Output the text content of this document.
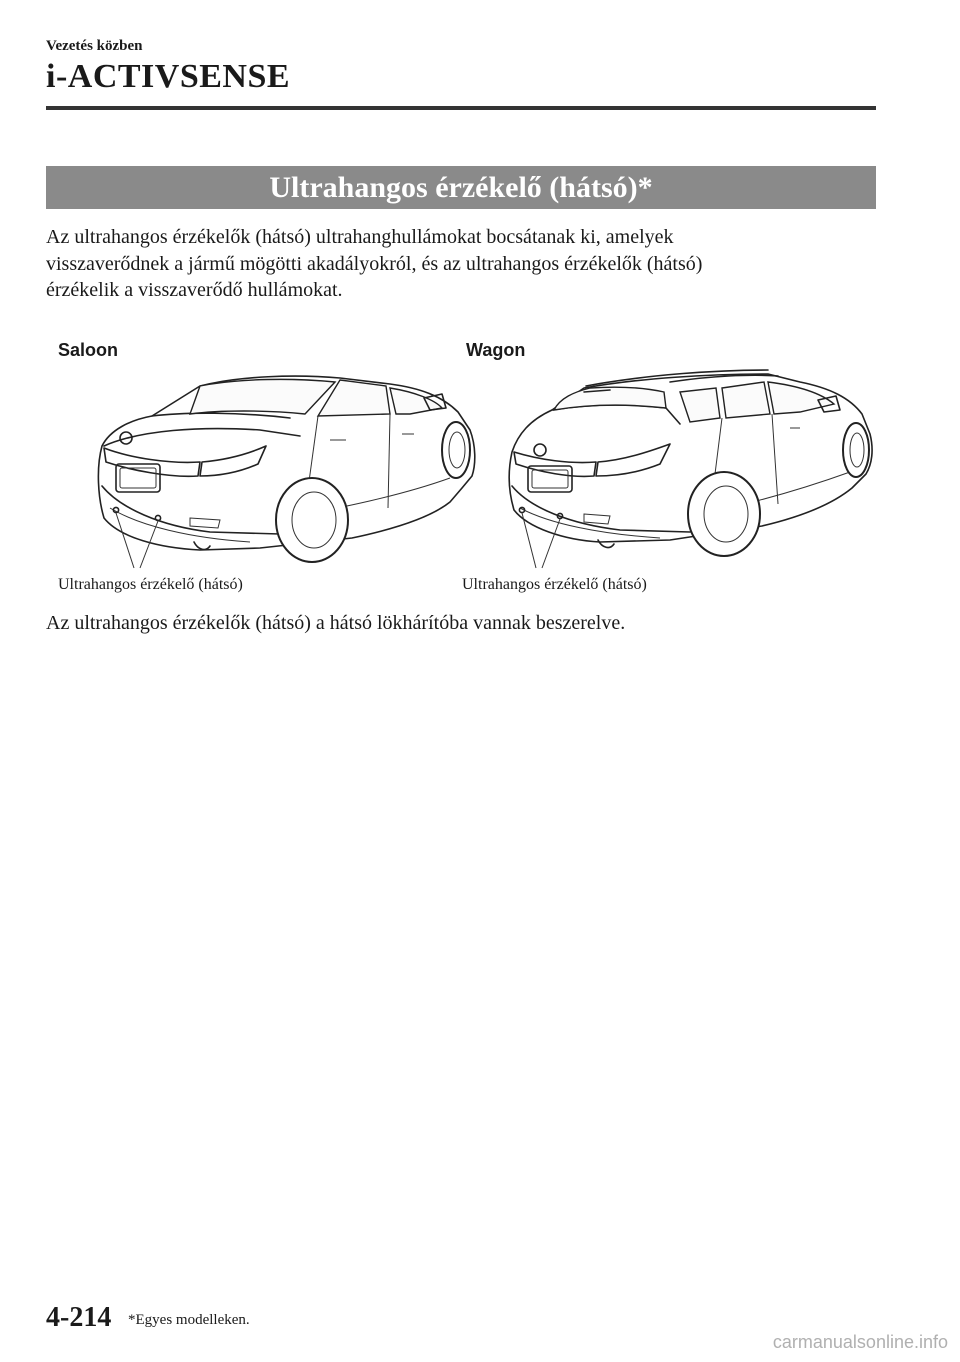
Vezetés közben
i-ACTIVSENSE
Ultrahangos érzékelő (hátsó)*

Az ultrahangos érzékelők (hátsó) ultrahanghullámokat bocsátanak ki, amelyek

visszaverődnek a jármű mögötti akadályokról, és az ultrahangos érzékelők (hátsó)

érzékelik a visszaverődő hullámokat.

Saloon
Ultrahangos érzékelő (hátsó)
Wagon
Ultrahangos érzékelő (hátsó)
Az ultrahangos érzékelők (hátsó) a hátsó lökhárítóba vannak beszerelve.
4-214 *Egyes modelleken.
carmanualsonline.info
